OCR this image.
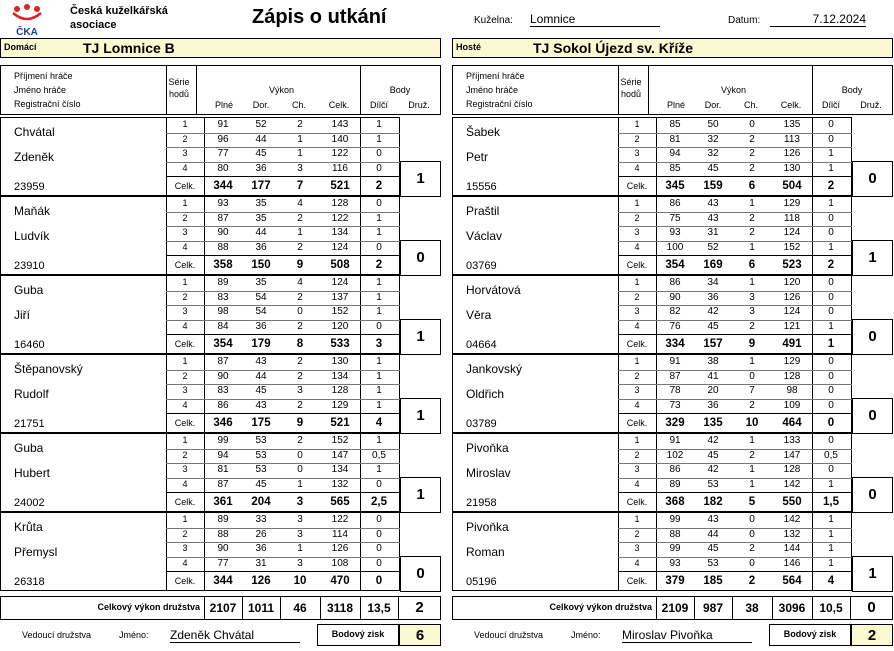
ČKA
Česká kuželkářská
asociace	Zápis o utkání	Kuželna: Lomnice	Datum:	7.12.2024
Domácí	TJ Lomnice B	Hosté	TJ Sokol Újezd sv. Kříže
Příjmení hráče
Jméno hráče
Registrační číslo
Série
hodů	Výkon
Plné	Dor.	Ch.	Celk.
Body
Dílčí	Druž.
Chvátal
Zdeněk
23959
1	91	52	2	143	1
2	96	44	1	140	1
3	77	45	1	122	0
4	80	36	3	116	0
Celk.	344	177	7	521	2	1
Maňák
Ludvík
23910
1	93	35	4	128	0
2	87	35	2	122	1
3	90	44	1	134	1
4	88	36	2	124	0
Celk.	358	150	9	508	2	0
Guba
Jiří
16460
1	89	35	4	124	1
2	83	54	2	137	1
3	98	54	0	152	1
4	84	36	2	120	0
Celk.	354	179	8	533	3	1
Štěpanovský
Rudolf
21751
1	87	43	2	130	1
2	90	44	2	134	1
3	83	45	3	128	1
4	86	43	2	129	1
Celk.	346	175	9	521	4	1
Guba
Hubert
24002
1	99	53	2	152	1
2	94	53	0	147	0,5
3	81	53	0	134	1
4	87	45	1	132	0
Celk.	361	204	3	565	2,5	1
Krůta
Přemysl
26318
1	89	33	3	122	0
2	88	26	3	114	0
3	90	36	1	126	0
4	77	31	3	108	0
Celk.	344	126	10	470	0	0
Celkový výkon družstva 2107 1011	46	3118	13,5	2
Vedoucí družstva	Jméno: Zdeněk Chvátal	Bodový zisk	6
Příjmení hráče
Jméno hráče
Registrační číslo
Série
hodů	Výkon
Plné	Dor.	Ch.	Celk.
Body
Dílčí	Druž.
Šabek
Petr
15556
1	85	50	0	135	0
2	81	32	2	113	0
3	94	32	2	126	1
4	85	45	2	130	1
Celk.	345	159	6	504	2	0
Praštil
Václav
03769
1	86	43	1	129	1
2	75	43	2	118	0
3	93	31	2	124	0
4	100	52	1	152	1
Celk.	354	169	6	523	2	1
Horvátová
Věra
04664
1	86	34	1	120	0
2	90	36	3	126	0
3	82	42	3	124	0
4	76	45	2	121	1
Celk.	334	157	9	491	1	0
Jankovský
Oldřich
03789
1	91	38	1	129	0
2	87	41	0	128	0
3	78	20	7	98	0
4	73	36	2	109	0
Celk.	329	135	10	464	0	0
Pivoňka
Miroslav
21958
1	91	42	1	133	0
2	102	45	2	147	0,5
3	86	42	1	128	0
4	89	53	1	142	1
Celk.	368	182	5	550	1,5	0
Pivoňka
Roman
05196
1	99	43	0	142	1
2	88	44	0	132	1
3	99	45	2	144	1
4	93	53	0	146	1
Celk.	379	185	2	564	4	1
Celkový výkon družstva 2109	987	38	3096	10,5	0
Vedoucí družstva	Jméno: Miroslav Pivoňka	Bodový zisk	2
